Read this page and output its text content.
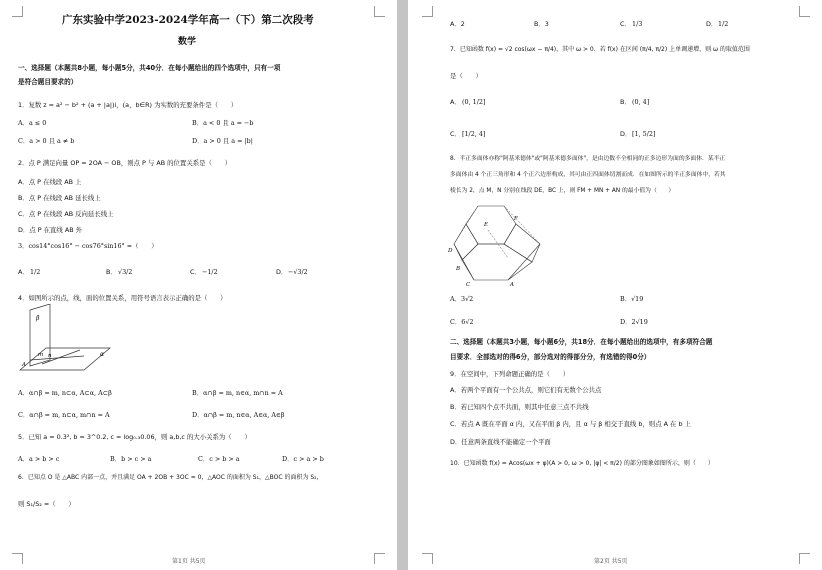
广东实验中学2023-2024学年高一（下）第二次段考
数学
一、选择题（本题共8小题，每小题5分，共40分．在每小题给出的四个选项中，只有一项
是符合题目要求的）
1．复数 z = a² − b² + (a + |a|)i，(a，b∈R) 为实数的充要条件是（　　）
A．a ≤ 0	B．a < 0 且 a = −b
C．a > 0 且 a ≠ b	D．a > 0 且 a = |b|
2．点 P 满足向量 OP = 2OA − OB，则点 P 与 AB 的位置关系是（　　）
A．点 P 在线段 AB 上
B．点 P 在线段 AB 延长线上
C．点 P 在线段 AB 反向延长线上
D．点 P 在直线 AB 外
3．cos14°cos16° − cos76°sin16° =（　　）
A． 1/2	B． √3/2	C． −1/2	D． −√3/2
4．如图所示的点，线，面的位置关系，用符号语言表示正确的是（　　）
β
α
m n
A
A．α∩β = m, n⊂α, A⊂α, A⊂β	B．α∩β = m, n∈α, m∩n = A
C．α∩β = m, n⊂α, m∩n = A	D．α∩β = m, n∈α, A∈α, A∈β
5．已知 a = 0.3², b = 3^0.2, c = log₀.₃0.06，则 a,b,c 的大小关系为（　　）
A．a > b > c	B．b > c > a	C．c > b > a	D．c > a > b
6．已知点 O 是 △ABC 内部一点，并且满足 OA + 2OB + 3OC = 0，△AOC 的面积为 S₁，△BOC 的面积为 S₂，
则 S₁/S₂ =（　　）
第1页 共5页
A．2	B．3	C． 1/3	D． 1/2
7．已知函数 f(x) = √2 cos(ωx − π/4)，其中 ω > 0．若 f(x) 在区间 (π/4, π/2) 上单调递增，则 ω 的取值范围
是（　　）
A． (0, 1/2]	B． (0, 4]
C． [1/2, 4]	D． [1, 5/2]
8．半正多面体亦称"阿基米德体"或"阿基米德多面体"，是由边数不全相同的正多边形为面的多面体．某半正
多面体由 4 个正三角形和 4 个正六边形构成，其可由正四面体切割而成．在如图所示的半正多面体中，若其
棱长为 2，点 M，N 分别在线段 DE，BC 上，则 FM + MN + AN 的最小值为（　　）
E
F
D
B
A
C
A．3√2	B．√19
C．6√2	D．2√19
二、选择题（本题共3小题，每小题6分，共18分．在每小题给出的选项中，有多项符合题
目要求．全部选对的得6分，部分选对的得部分分，有选错的得0分）
9．在空间中，下列命题正确的是（　　）
A．若两个平面有一个公共点，则它们有无数个公共点
B．若已知四个点不共面，则其中任意三点不共线
C．若点 A 既在平面 α 内，又在平面 β 内，且 α 与 β 相交于直线 b，则点 A 在 b 上
D．任意两条直线不能确定一个平面
10．已知函数 f(x) = Acos(ωx + φ)(A > 0, ω > 0, |φ| < π/2) 的部分图象如图所示，则（　　）
第2页 共5页
